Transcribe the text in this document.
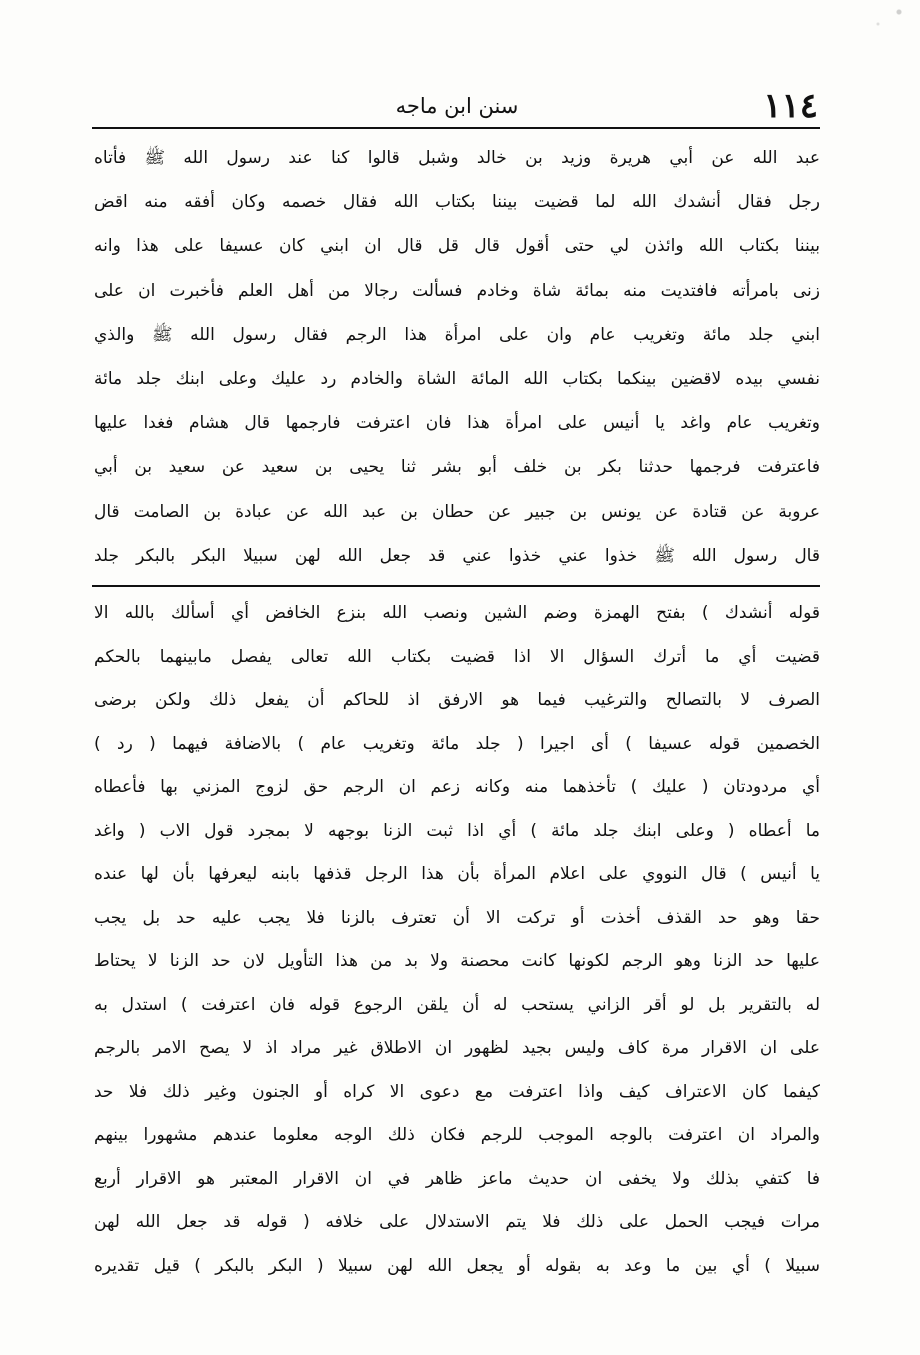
١١٤
سنن ابن ماجه
عبد الله عن أبي هريرة وزيد بن خالد وشبل قالوا كنا عند رسول الله ﷺ فأتاه
رجل فقال أنشدك الله لما قضيت بيننا بكتاب الله فقال خصمه وكان أفقه منه اقض
بيننا بكتاب الله وائذن لي حتى أقول قال قل قال ان ابني كان عسيفا على هذا وانه
زنى بامرأته فافتديت منه بمائة شاة وخادم فسألت رجالا من أهل العلم فأخبرت ان على
ابني جلد مائة وتغريب عام وان على امرأة هذا الرجم فقال رسول الله ﷺ والذي
نفسي بيده لاقضين بينكما بكتاب الله المائة الشاة والخادم رد عليك وعلى ابنك جلد مائة
وتغريب عام واغد يا أنيس على امرأة هذا فان اعترفت فارجمها قال هشام فغدا عليها
فاعترفت فرجمها حدثنا بكر بن خلف أبو بشر ثنا يحيى بن سعيد عن سعيد بن أبي
عروبة عن قتادة عن يونس بن جبير عن حطان بن عبد الله عن عبادة بن الصامت قال
قال رسول الله ﷺ خذوا عني خذوا عني قد جعل الله لهن سبيلا البكر بالبكر جلد
قوله أنشدك ) بفتح الهمزة وضم الشين ونصب الله بنزع الخافض أي أسألك بالله الا
قضيت أي ما أترك السؤال الا اذا قضيت بكتاب الله تعالى يفصل مابينهما بالحكم
الصرف لا بالتصالح والترغيب فيما هو الارفق اذ للحاكم أن يفعل ذلك ولكن برضى
الخصمين قوله عسيفا ) أى اجيرا ( جلد مائة وتغريب عام ) بالاضافة فيهما ( رد )
أي مردودتان ( عليك ) تأخذهما منه وكانه زعم ان الرجم حق لزوج المزني بها فأعطاه
ما أعطاه ( وعلى ابنك جلد مائة ) أي اذا ثبت الزنا بوجهه لا بمجرد قول الاب ( واغد
يا أنيس ) قال النووي على اعلام المرأة بأن هذا الرجل قذفها بابنه ليعرفها بأن لها عنده
حقا وهو حد القذف أخذت أو تركت الا أن تعترف بالزنا فلا يجب عليه حد بل يجب
عليها حد الزنا وهو الرجم لكونها كانت محصنة ولا بد من هذا التأويل لان حد الزنا لا يحتاط
له بالتقرير بل لو أقر الزاني يستحب له أن يلقن الرجوع قوله فان اعترفت ) استدل به
على ان الاقرار مرة كاف وليس بجيد لظهور ان الاطلاق غير مراد اذ لا يصح الامر بالرجم
كيفما كان الاعتراف كيف واذا اعترفت مع دعوى الا كراه أو الجنون وغير ذلك فلا حد
والمراد ان اعترفت بالوجه الموجب للرجم فكان ذلك الوجه معلوما عندهم مشهورا بينهم
فا كتفي بذلك ولا يخفى ان حديث ماعز ظاهر في ان الاقرار المعتبر هو الاقرار أربع
مرات فيجب الحمل على ذلك فلا يتم الاستدلال على خلافه ( قوله قد جعل الله لهن
سبيلا ) أي بين ما وعد به بقوله أو يجعل الله لهن سبيلا ( البكر بالبكر ) قيل تقديره
